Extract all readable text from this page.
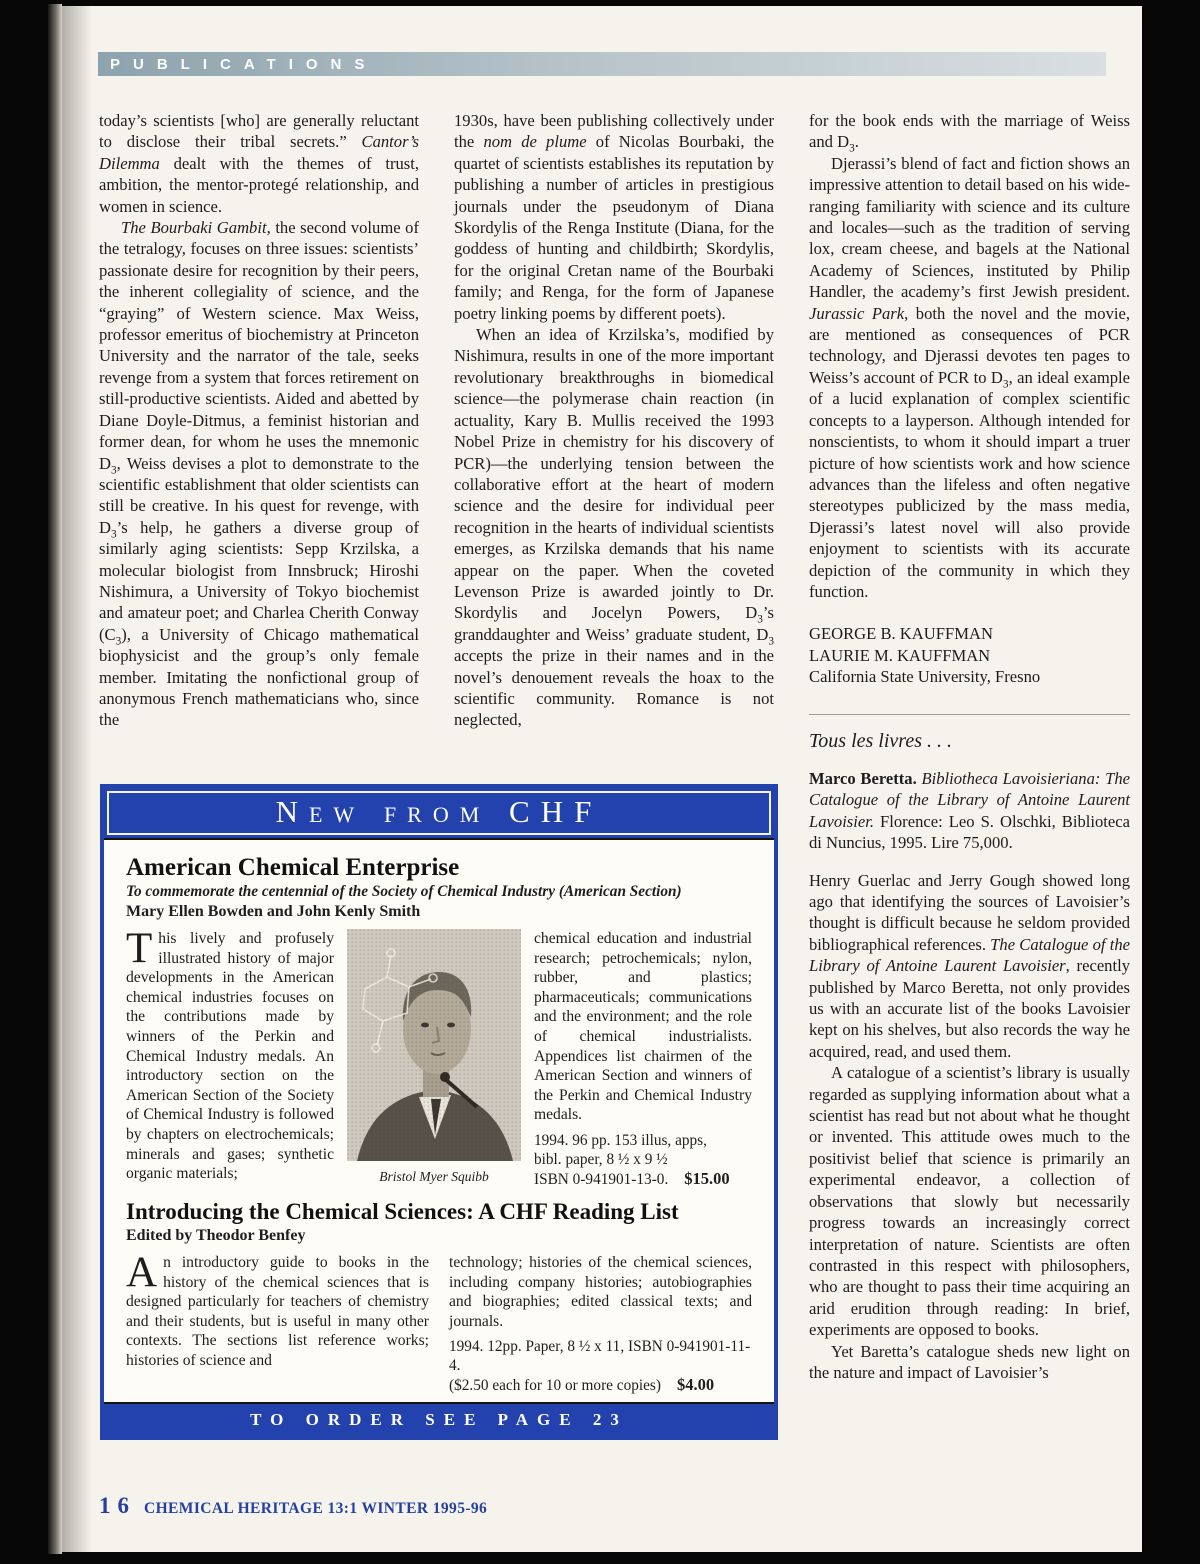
PUBLICATIONS

today’s scientists [who] are generally reluctant to disclose their tribal secrets.” Cantor’s Dilemma dealt with the themes of trust, ambition, the mentor-protegé relationship, and women in science.

The Bourbaki Gambit, the second volume of the tetralogy, focuses on three issues: scientists’ passionate desire for recognition by their peers, the inherent collegiality of science, and the “graying” of Western science. Max Weiss, professor emeritus of biochemistry at Princeton University and the narrator of the tale, seeks revenge from a system that forces retirement on still-productive scientists. Aided and abetted by Diane Doyle-Ditmus, a feminist historian and former dean, for whom he uses the mnemonic $D_3$, Weiss devises a plot to demonstrate to the scientific establishment that older scientists can still be creative. In his quest for revenge, with $D_3’s$ help, he gathers a diverse group of similarly aging scientists: Sepp Krzilska, a molecular biologist from Innsbruck; Hiroshi Nishimura, a University of Tokyo biochemist and amateur poet; and Charlea Cherith Conway $(C_3)$, a University of Chicago mathematical biophysicist and the group’s only female member. Imitating the nonfictional group of anonymous French mathematicians who, since the

1930s, have been publishing collectively under the nom de plume of Nicolas Bourbaki, the quartet of scientists establishes its reputation by publishing a number of articles in prestigious journals under the pseudonym of Diana Skordylis of the Renga Institute (Diana, for the goddess of hunting and childbirth; Skordylis, for the original Cretan name of the Bourbaki family; and Renga, for the form of Japanese poetry linking poems by different poets).

When an idea of Krzilska’s, modified by Nishimura, results in one of the more important revolutionary breakthroughs in biomedical science—the polymerase chain reaction (in actuality, Kary B. Mullis received the 1993 Nobel Prize in chemistry for his discovery of PCR)—the underlying tension between the collaborative effort at the heart of modern science and the desire for individual peer recognition in the hearts of individual scientists emerges, as Krzilska demands that his name appear on the paper. When the coveted Levenson Prize is awarded jointly to Dr. Skordylis and Jocelyn Powers, $D_3’s$ granddaughter and Weiss’ graduate student, $D_3$ accepts the prize in their names and in the novel’s denouement reveals the hoax to the scientific community. Romance is not neglected,

for the book ends with the marriage of Weiss and $D_3$.

Djerassi’s blend of fact and fiction shows an impressive attention to detail based on his wide-ranging familiarity with science and its culture and locales—such as the tradition of serving lox, cream cheese, and bagels at the National Academy of Sciences, instituted by Philip Handler, the academy’s first Jewish president. Jurassic Park, both the novel and the movie, are mentioned as consequences of PCR technology, and Djerassi devotes ten pages to Weiss’s account of PCR to $D_3$, an ideal example of a lucid explanation of complex scientific concepts to a layperson. Although intended for nonscientists, to whom it should impart a truer picture of how scientists work and how science advances than the lifeless and often negative stereotypes publicized by the mass media, Djerassi’s latest novel will also provide enjoyment to scientists with its accurate depiction of the community in which they function.

GEORGE B. KAUFFMAN
LAURIE M. KAUFFMAN
California State University, Fresno
Tous les livres . . .

Marco Beretta. Bibliotheca Lavoisieriana: The Catalogue of the Library of Antoine Laurent Lavoisier. Florence: Leo S. Olschki, Biblioteca di Nuncius, 1995. Lire 75,000.

Henry Guerlac and Jerry Gough showed long ago that identifying the sources of Lavoisier’s thought is difficult because he seldom provided bibliographical references. The Catalogue of the Library of Antoine Laurent Lavoisier, recently published by Marco Beretta, not only provides us with an accurate list of the books Lavoisier kept on his shelves, but also records the way he acquired, read, and used them.

A catalogue of a scientist’s library is usually regarded as supplying information about what a scientist has read but not about what he thought or invented. This attitude owes much to the positivist belief that science is primarily an experimental endeavor, a collection of observations that slowly but necessarily progress towards an increasingly correct interpretation of nature. Scientists are often contrasted in this respect with philosophers, who are thought to pass their time acquiring an arid erudition through reading: In brief, experiments are opposed to books.

Yet Baretta’s catalogue sheds new light on the nature and impact of Lavoisier’s

New from CHF
American Chemical Enterprise
To commemorate the centennial of the Society of Chemical Industry (American Section)
Mary Ellen Bowden and John Kenly Smith
This lively and profusely illustrated history of major developments in the American chemical industries focuses on the contributions made by winners of the Perkin and Chemical Industry medals. An introductory section on the American Section of the Society of Chemical Industry is followed by chapters on electrochemicals; minerals and gases; synthetic organic materials;	Bristol Myer Squibb
chemical education and industrial research; petrochemicals; nylon, rubber, and plastics; pharmaceuticals; communications and the environment; and the role of chemical industrialists. Appendices list chairmen of the American Section and winners of the Perkin and Chemical Industry medals.
1994. 96 pp. 153 illus, apps,
bibl. paper, 8 ½ x 9 ½
ISBN 0-941901-13-0. $15.00
Introducing the Chemical Sciences: A CHF Reading List
Edited by Theodor Benfey
An introductory guide to books in the history of the chemical sciences that is designed particularly for teachers of chemistry and their students, but is useful in many other contexts. The sections list reference works; histories of science and
technology; histories of the chemical sciences, including company histories; autobiographies and biographies; edited classical texts; and journals.
1994. 12pp. Paper, 8 ½ x 11, ISBN 0-941901-11-4.
($2.50 each for 10 or more copies) $4.00
TO ORDER SEE PAGE 23
16 CHEMICAL HERITAGE 13:1 WINTER 1995-96
